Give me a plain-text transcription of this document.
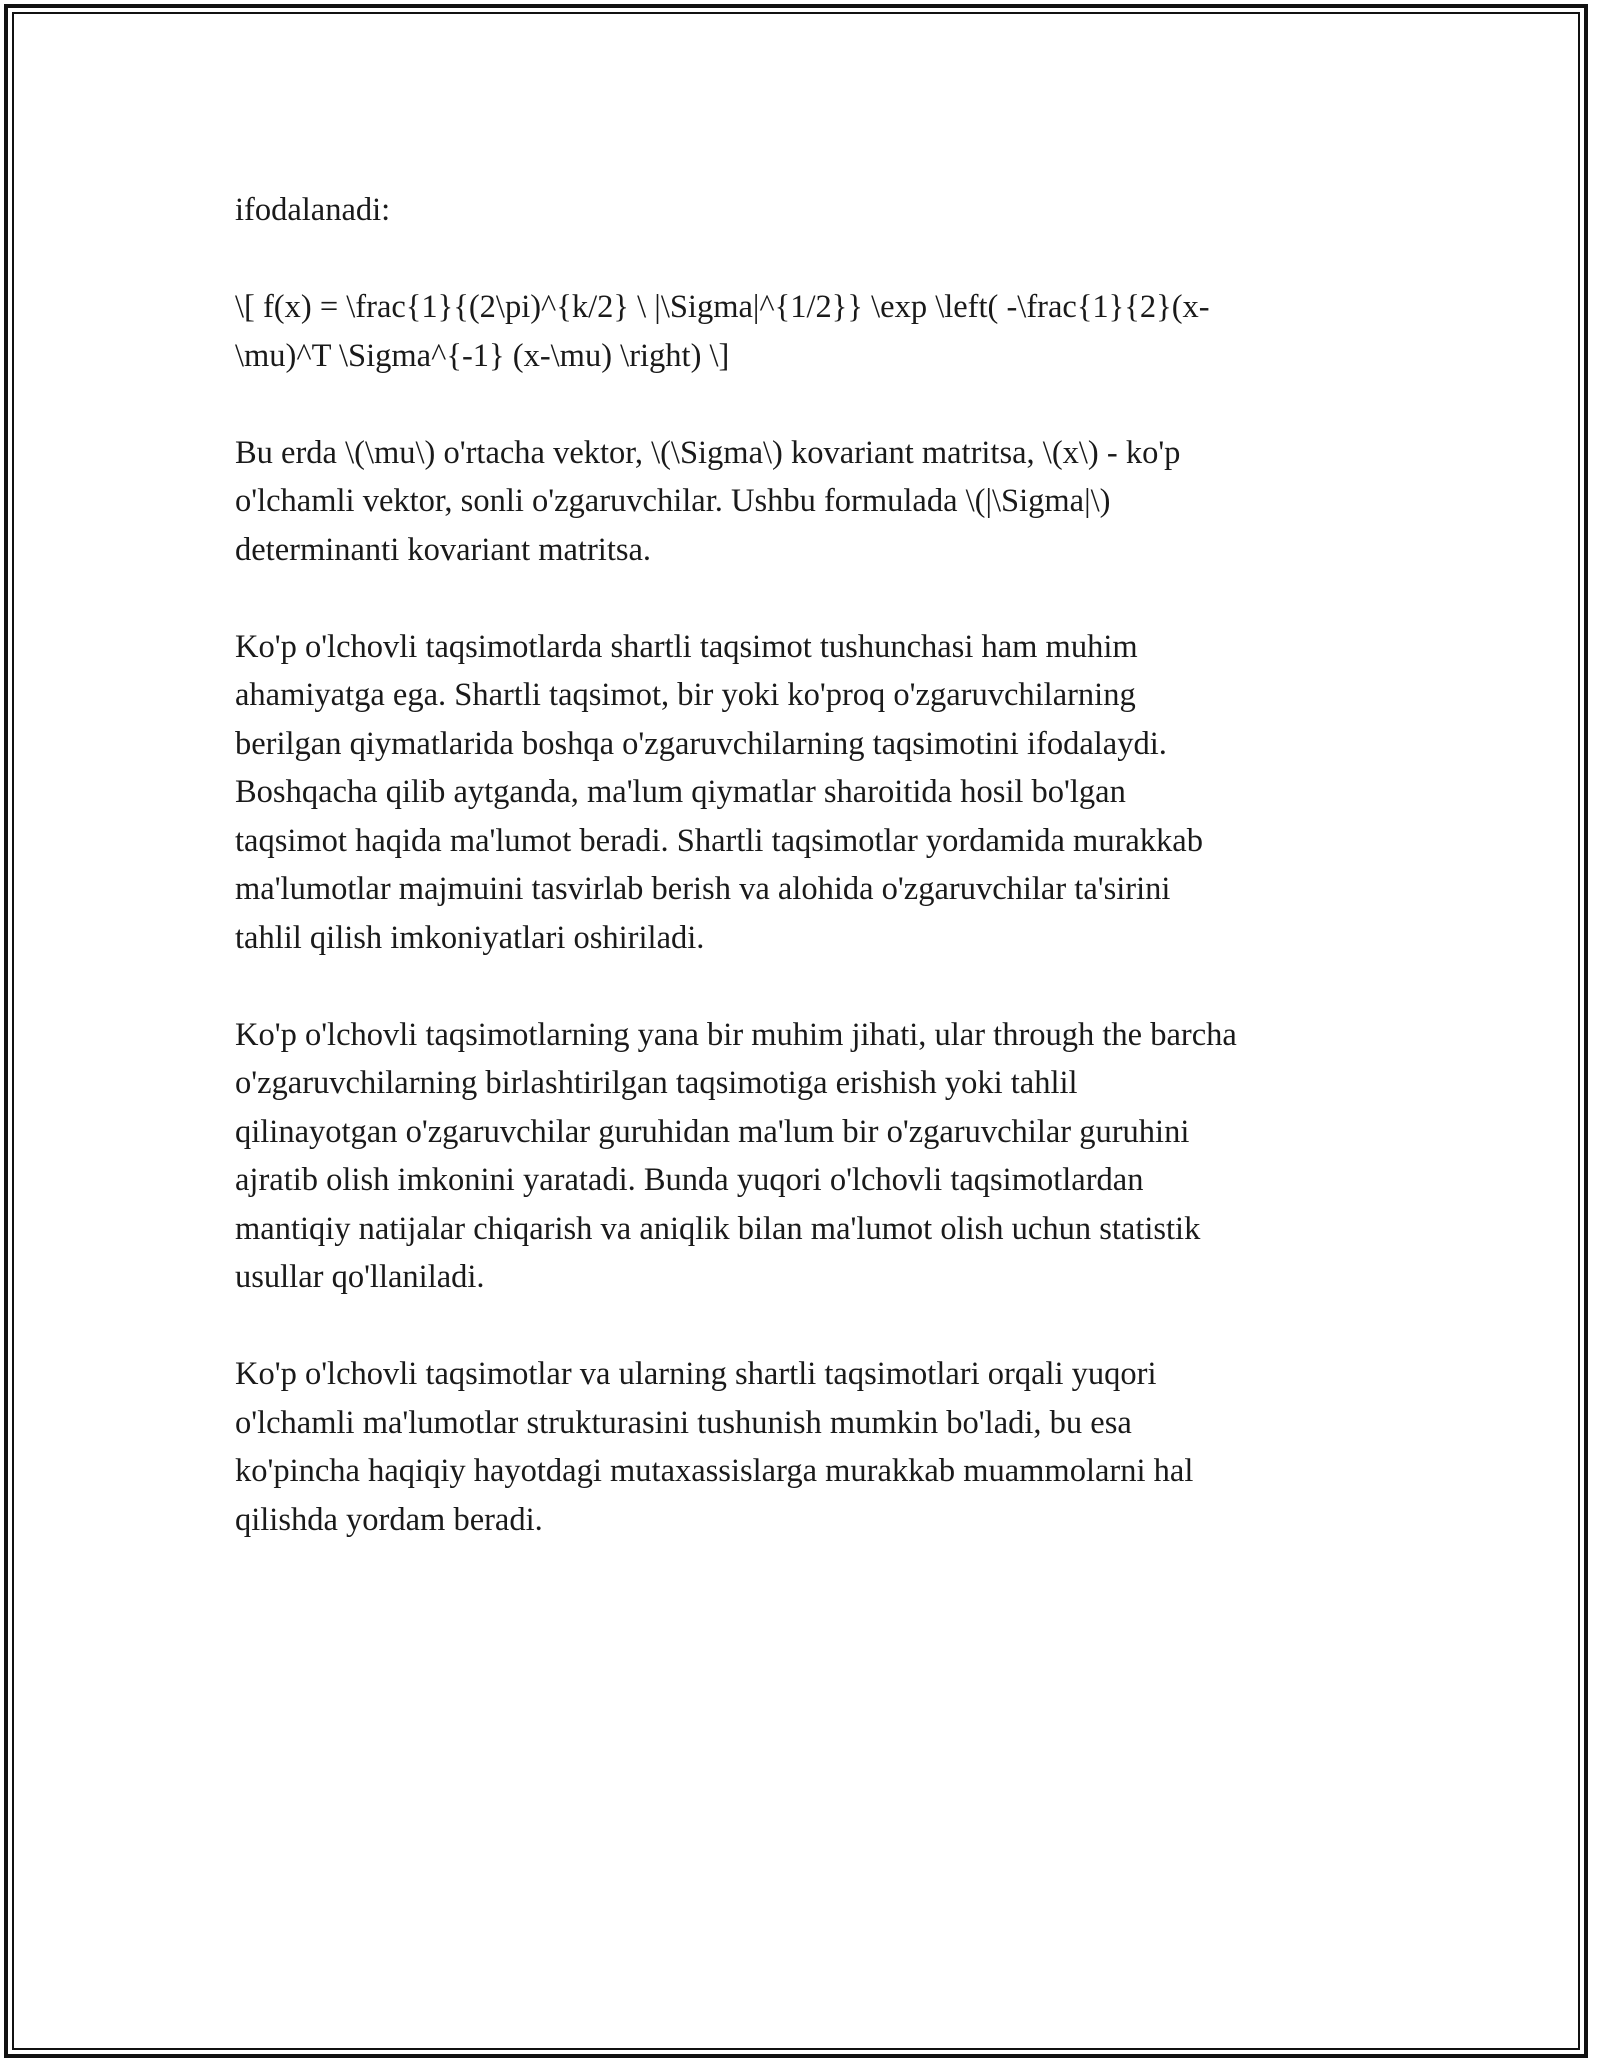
ifodalanadi:

\[ f(x) = \frac{1}{(2\pi)^{k/2} \ |\Sigma|^{1/2}} \exp \left( -\frac{1}{2}(x-
\mu)^T \Sigma^{-1} (x-\mu) \right) \]

Bu erda \(\mu\) o'rtacha vektor, \(\Sigma\) kovariant matritsa, \(x\) - ko'p
o'lchamli vektor, sonli o'zgaruvchilar. Ushbu formulada \(|\Sigma|\)
determinanti kovariant matritsa.

Ko'p o'lchovli taqsimotlarda shartli taqsimot tushunchasi ham muhim
ahamiyatga ega. Shartli taqsimot, bir yoki ko'proq o'zgaruvchilarning
berilgan qiymatlarida boshqa o'zgaruvchilarning taqsimotini ifodalaydi.
Boshqacha qilib aytganda, ma'lum qiymatlar sharoitida hosil bo'lgan
taqsimot haqida ma'lumot beradi. Shartli taqsimotlar yordamida murakkab
ma'lumotlar majmuini tasvirlab berish va alohida o'zgaruvchilar ta'sirini
tahlil qilish imkoniyatlari oshiriladi.

Ko'p o'lchovli taqsimotlarning yana bir muhim jihati, ular through the barcha
o'zgaruvchilarning birlashtirilgan taqsimotiga erishish yoki tahlil
qilinayotgan o'zgaruvchilar guruhidan ma'lum bir o'zgaruvchilar guruhini
ajratib olish imkonini yaratadi. Bunda yuqori o'lchovli taqsimotlardan
mantiqiy natijalar chiqarish va aniqlik bilan ma'lumot olish uchun statistik
usullar qo'llaniladi.

Ko'p o'lchovli taqsimotlar va ularning shartli taqsimotlari orqali yuqori
o'lchamli ma'lumotlar strukturasini tushunish mumkin bo'ladi, bu esa
ko'pincha haqiqiy hayotdagi mutaxassislarga murakkab muammolarni hal
qilishda yordam beradi.
